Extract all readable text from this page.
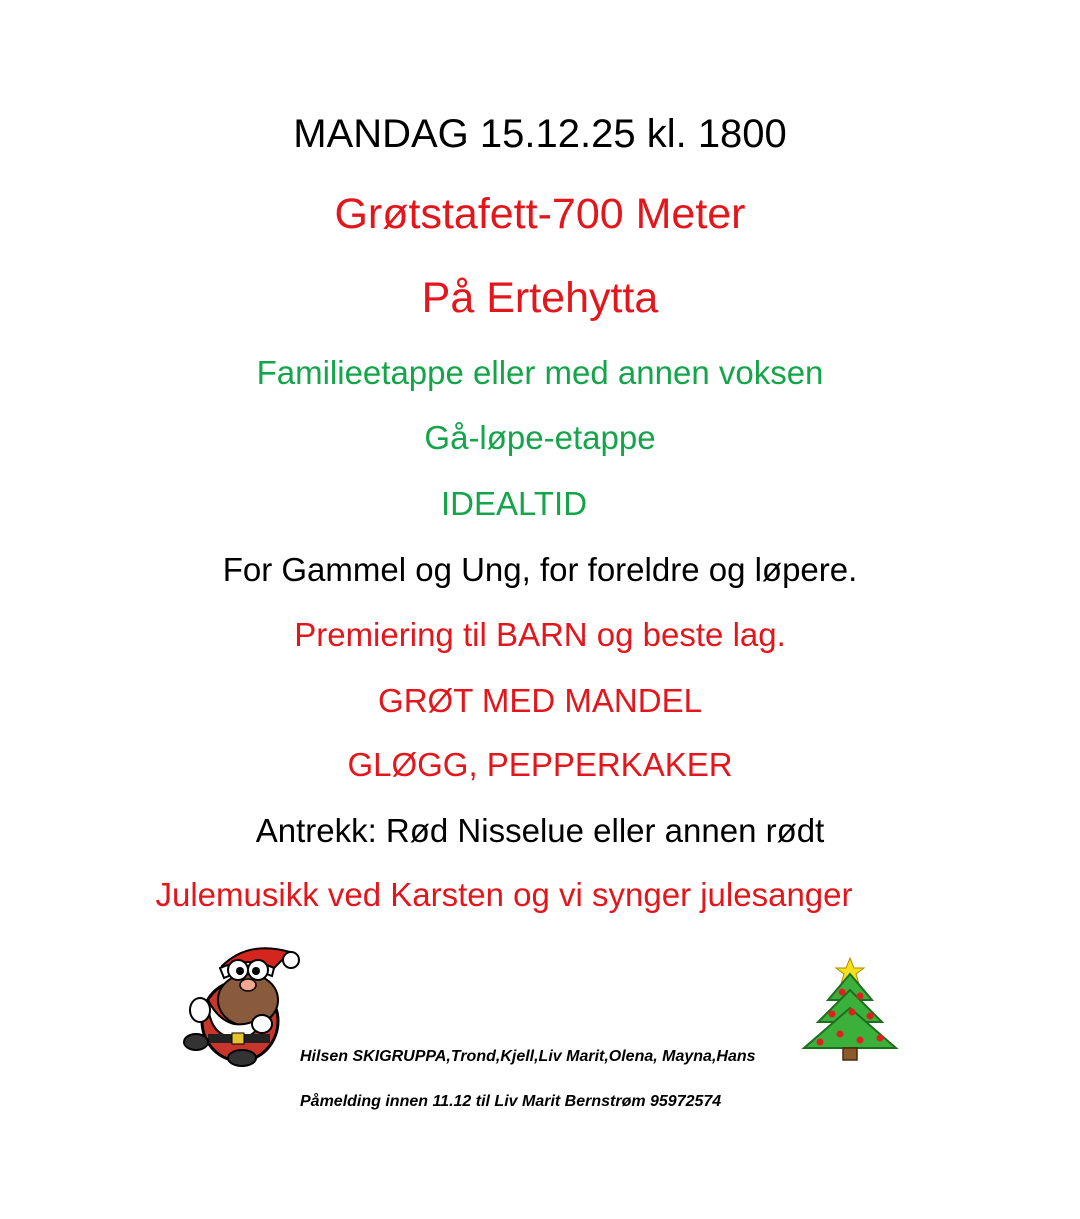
MANDAG 15.12.25 kl. 1800
Grøtstafett-700 Meter
På Ertehytta
Familieetappe eller med annen voksen
Gå-løpe-etappe
IDEALTID
For Gammel og Ung, for foreldre og løpere.
Premiering til BARN og beste lag.
GRØT MED MANDEL
GLØGG, PEPPERKAKER
Antrekk: Rød Nisselue eller annen rødt
Julemusikk ved Karsten og vi synger julesanger
Hilsen SKIGRUPPA,Trond,Kjell,Liv Marit,Olena, Mayna,Hans
Påmelding innen 11.12 til Liv Marit Bernstrøm 95972574
